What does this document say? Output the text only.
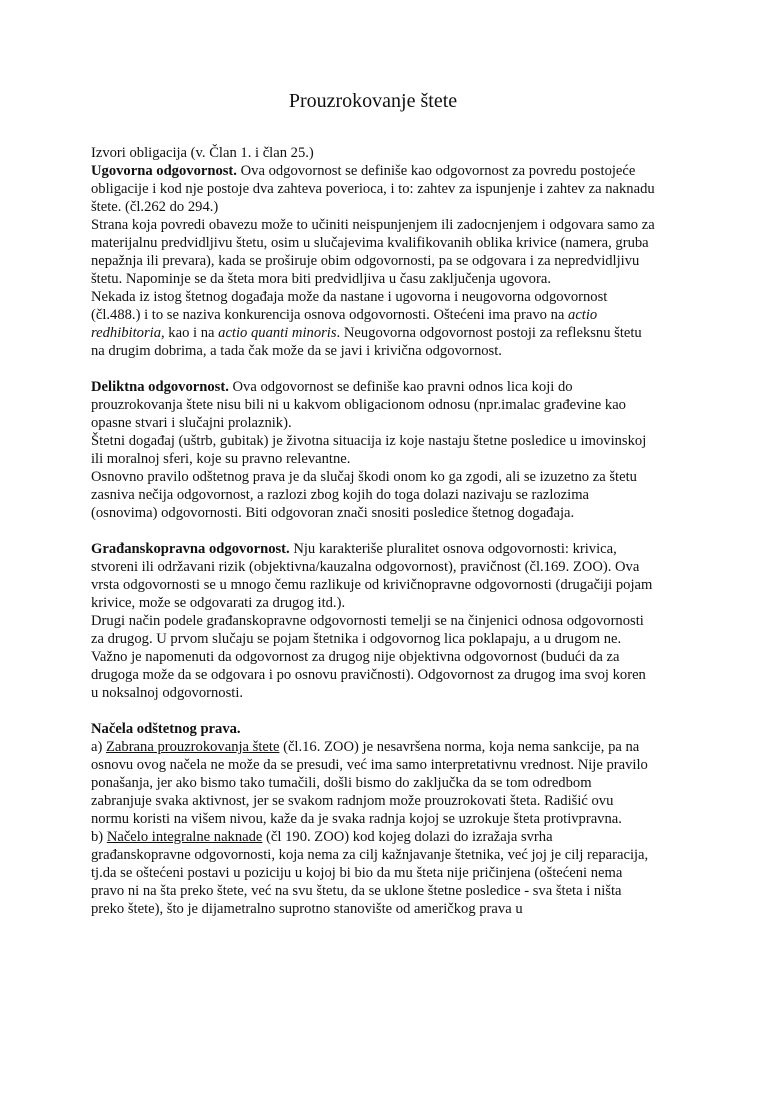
Prouzrokovanje štete

Izvori obligacija (v. Član 1. i član 25.)

Ugovorna odgovornost. Ova odgovornost se definiše kao odgovornost za povredu postojeće obligacije i kod nje postoje dva zahteva poverioca, i to: zahtev za ispunjenje i zahtev za naknadu štete. (čl.262 do 294.)

Strana koja povredi obavezu može to učiniti neispunjenjem ili zadocnjenjem i odgovara samo za materijalnu predvidljivu štetu, osim u slučajevima kvalifikovanih oblika krivice (namera, gruba nepažnja ili prevara), kada se proširuje obim odgovornosti, pa se odgovara i za nepredvidljivu štetu. Napominje se da šteta mora biti predvidljiva u času zaključenja ugovora.

Nekada iz istog štetnog događaja može da nastane i ugovorna i neugovorna odgovornost (čl.488.) i to se naziva konkurencija osnova odgovornosti. Oštećeni ima pravo na actio redhibitoria, kao i na actio quanti minoris. Neugovorna odgovornost postoji za refleksnu štetu na drugim dobrima, a tada čak može da se javi i krivična odgovornost.

Deliktna odgovornost. Ova odgovornost se definiše kao pravni odnos lica koji do prouzrokovanja štete nisu bili ni u kakvom obligacionom odnosu (npr.imalac građevine kao opasne stvari i slučajni prolaznik).

Štetni događaj (uštrb, gubitak) je životna situacija iz koje nastaju štetne posledice u imovinskoj ili moralnoj sferi, koje su pravno relevantne.

Osnovno pravilo odštetnog prava je da slučaj škodi onom ko ga zgodi, ali se izuzetno za štetu zasniva nečija odgovornost, a razlozi zbog kojih do toga dolazi nazivaju se razlozima (osnovima) odgovornosti. Biti odgovoran znači snositi posledice štetnog događaja.

Građanskopravna odgovornost. Nju karakteriše pluralitet osnova odgovornosti: krivica, stvoreni ili održavani rizik (objektivna/kauzalna odgovornost), pravičnost (čl.169. ZOO). Ova vrsta odgovornosti se u mnogo čemu razlikuje od krivičnopravne odgovornosti (drugačiji pojam krivice, može se odgovarati za drugog itd.).

Drugi način podele građanskopravne odgovornosti temelji se na činjenici odnosa odgovornosti za drugog. U prvom slučaju se pojam štetnika i odgovornog lica poklapaju, a u drugom ne. Važno je napomenuti da odgovornost za drugog nije objektivna odgovornost (budući da za drugoga može da se odgovara i po osnovu pravičnosti). Odgovornost za drugog ima svoj koren u noksalnoj odgovornosti.

Načela odštetnog prava.

a) Zabrana prouzrokovanja štete (čl.16. ZOO) je nesavršena norma, koja nema sankcije, pa na osnovu ovog načela ne može da se presudi, već ima samo interpretativnu vrednost. Nije pravilo ponašanja, jer ako bismo tako tumačili, došli bismo do zaključka da se tom odredbom zabranjuje svaka aktivnost, jer se svakom radnjom može prouzrokovati šteta. Radišić ovu normu koristi na višem nivou, kaže da je svaka radnja kojoj se uzrokuje šteta protivpravna.

b) Načelo integralne naknade (čl 190. ZOO) kod kojeg dolazi do izražaja svrha građanskopravne odgovornosti, koja nema za cilj kažnjavanje štetnika, već joj je cilj reparacija, tj.da se oštećeni postavi u poziciju u kojoj bi bio da mu šteta nije pričinjena (oštećeni nema pravo ni na šta preko štete, već na svu štetu, da se uklone štetne posledice - sva šteta i ništa preko štete), što je dijametralno suprotno stanovište od američkog prava u
